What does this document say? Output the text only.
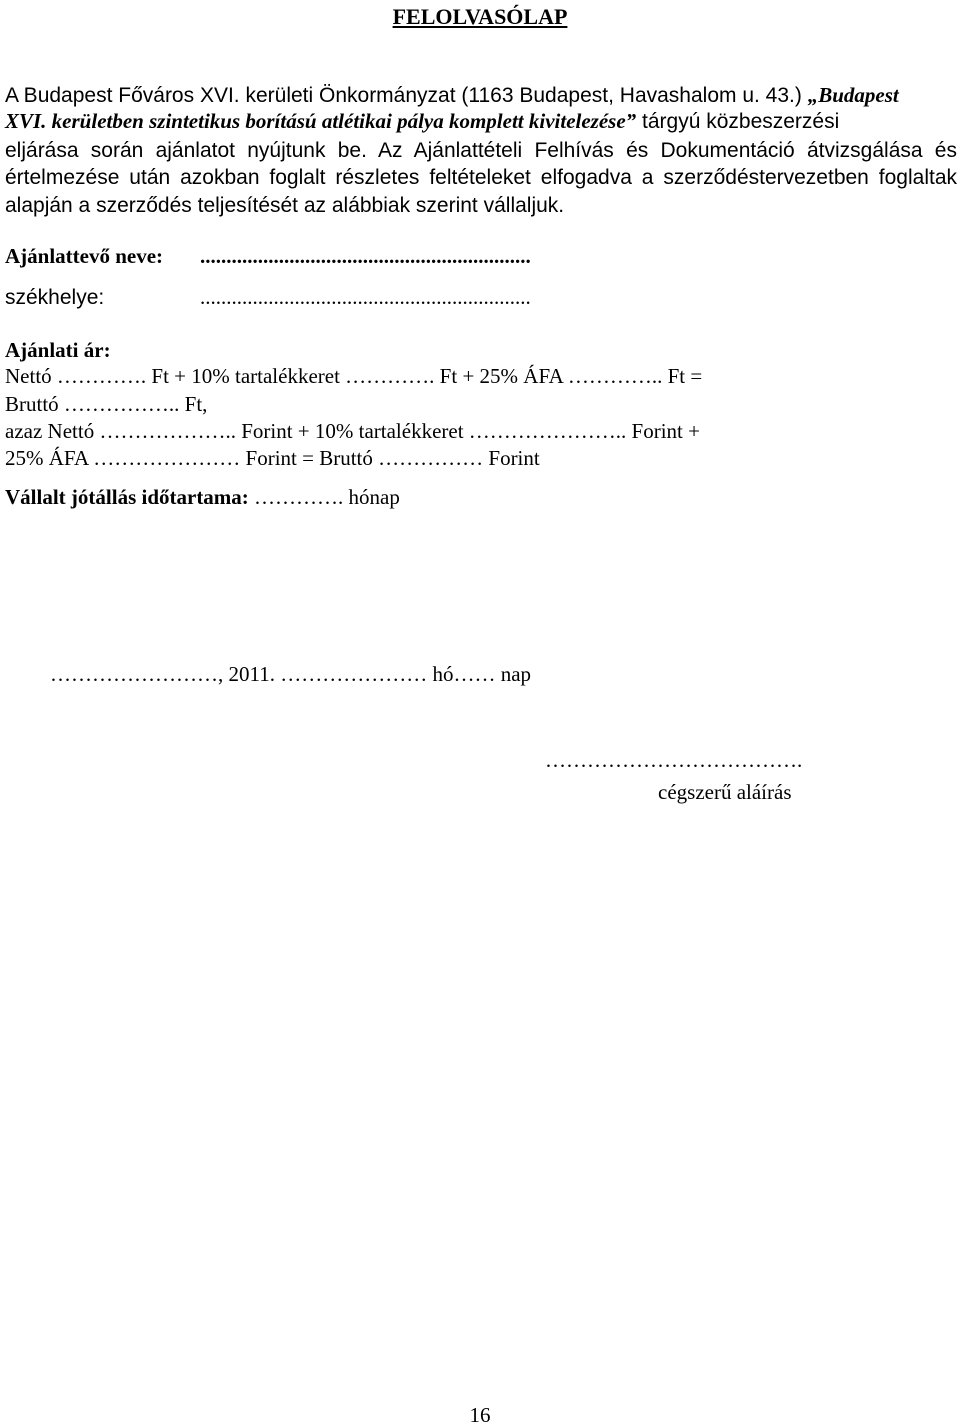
FELOLVASÓLAP
A Budapest Főváros XVI. kerületi Önkormányzat (1163 Budapest, Havashalom u. 43.) „Budapest
XVI. kerületben szintetikus borítású atlétikai pálya komplett kivitelezése” tárgyú közbeszerzési
eljárása során ajánlatot nyújtunk be. Az Ajánlattételi Felhívás és Dokumentáció átvizsgálása és
értelmezése után azokban foglalt részletes feltételeket elfogadva a szerződéstervezetben foglaltak
alapján a szerződés teljesítését az alábbiak szerint vállaljuk.
Ajánlattevő neve: ...............................................................
székhelye:	...............................................................
Ajánlati ár:
Nettó …………. Ft + 10% tartalékkeret …………. Ft + 25% ÁFA ………….. Ft =
Bruttó …………….. Ft,
azaz Nettó ……………….. Forint + 10% tartalékkeret ………………….. Forint +
25% ÁFA ………………… Forint = Bruttó …………… Forint
Vállalt jótállás időtartama: …………. hónap
……………………, 2011. ………………… hó…… nap
……………………………….
cégszerű aláírás
16
